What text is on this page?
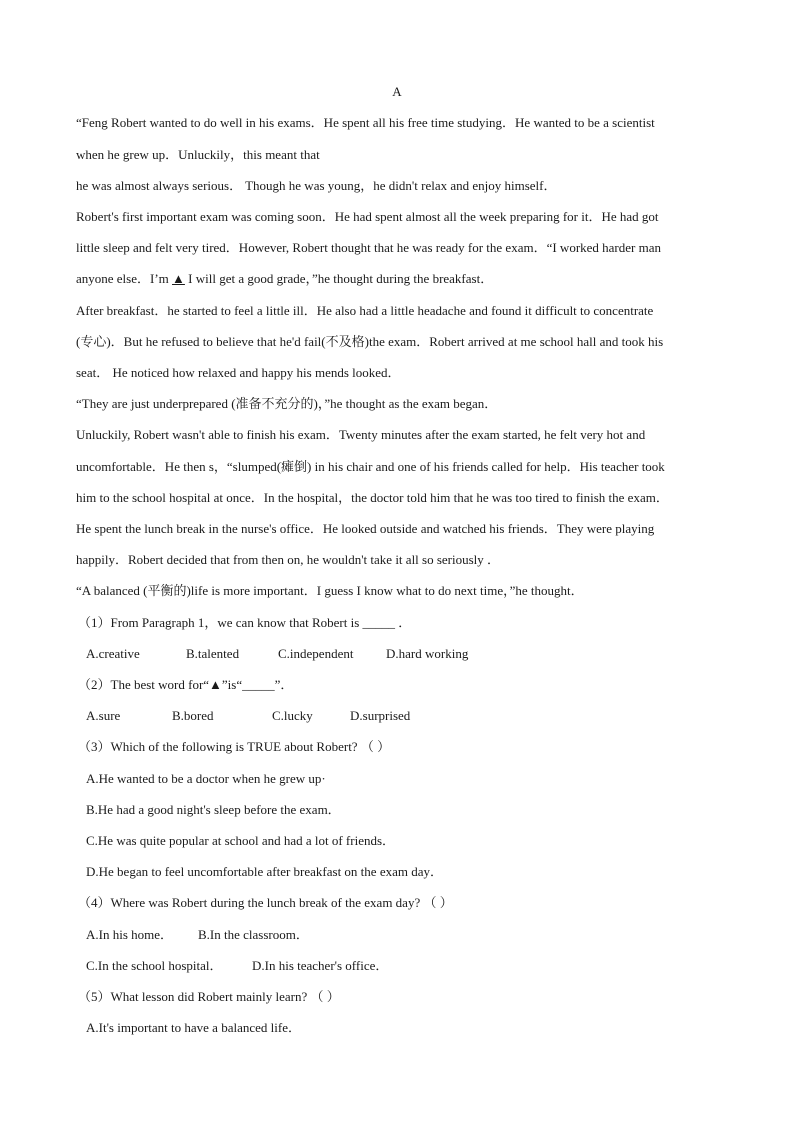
A
“Feng Robert wanted to do well in his exams．He spent all his free time studying．He wanted to be a scientist
when he grew up．Unluckily，this meant that
he was almost always serious． Though he was young，he didn't relax and enjoy himself．
Robert's first important exam was coming soon．He had spent almost all the week preparing for it．He had got
little sleep and felt very tired．However, Robert thought that he was ready for the exam．“I worked harder man
anyone else．I’m ▲ I will get a good grade，”he thought during the breakfast．
After breakfast．he started to feel a little ill．He also had a little headache and found it difficult to concentrate
(专心)．But he refused to believe that he'd fail(不及格)the exam．Robert arrived at me school hall and took his
seat． He noticed how relaxed and happy his mends looked．
“They are just underprepared (准备不充分的)，”he thought as the exam began．
Unluckily, Robert wasn't able to finish his exam．Twenty minutes after the exam started, he felt very hot and
uncomfortable．He then s，“slumped(瘫倒) in his chair and one of his friends called for help．His teacher took
him to the school hospital at once．In the hospital，the doctor told him that he was too tired to finish the exam．
He spent the lunch break in the nurse's office．He looked outside and watched his friends．They were playing
happily．Robert decided that from then on, he wouldn't take it all so seriously ．
“A balanced (平衡的)life is more important．I guess I know what to do next time，”he thought．
（1）From Paragraph 1，we can know that Robert is _____ ．
A.creative	B.talented	C.independent	D.hard working
（2）The best word for“▲”is“_____”．
A.sure	B.bored	C.lucky	D.surprised
（3）Which of the following is TRUE about Robert? （ ）
A.He wanted to be a doctor when he grew up·
B.He had a good night's sleep before the exam．
C.He was quite popular at school and had a lot of friends．
D.He began to feel uncomfortable after breakfast on the exam day．
（4）Where was Robert during the lunch break of the exam day? （ ）
A.In his home．	B.In the classroom．
C.In the school hospital．	D.In his teacher's office．
（5）What lesson did Robert mainly learn? （ ）
A.It's important to have a balanced life．
